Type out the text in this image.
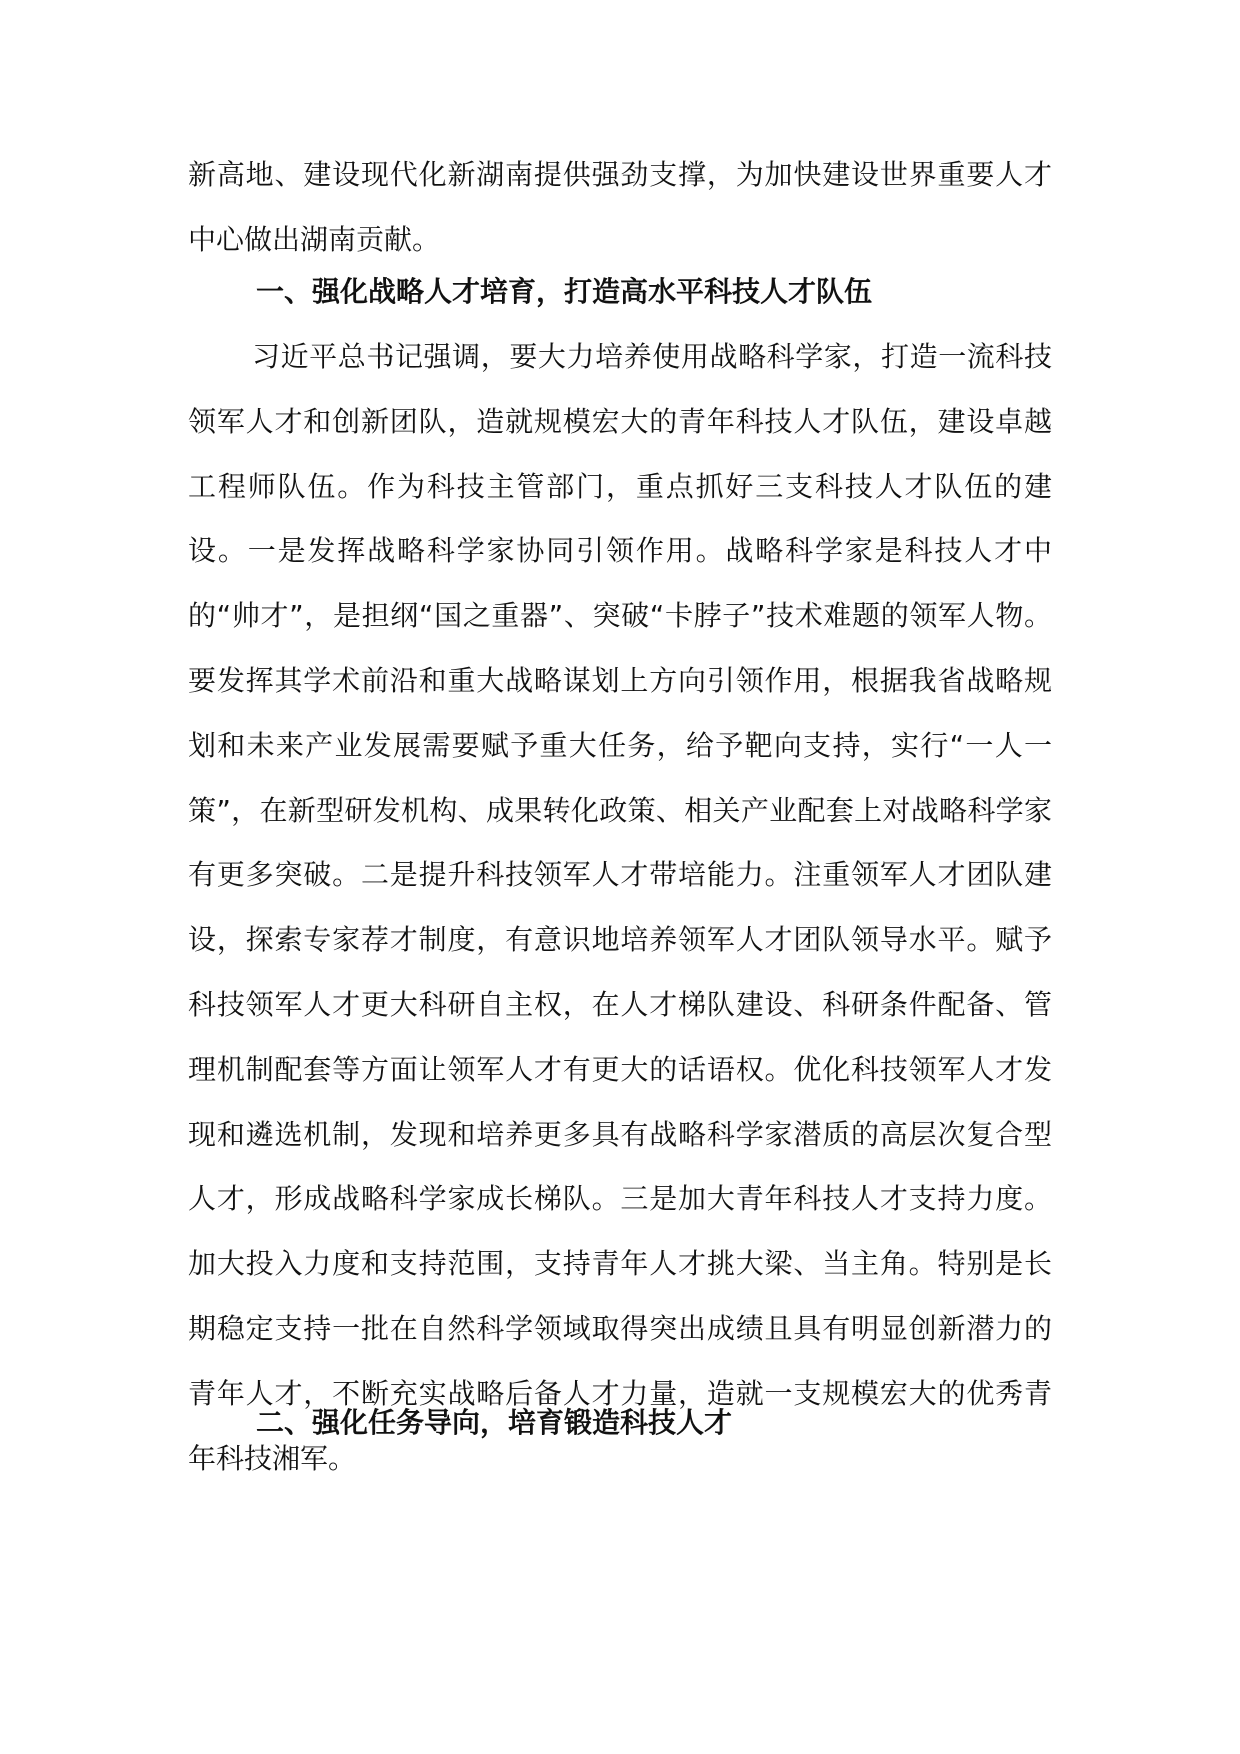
新高地、建设现代化新湖南提供强劲支撑，为加快建设世界重要人才中心做出湖南贡献。

一、强化战略人才培育，打造高水平科技人才队伍

习近平总书记强调，要大力培养使用战略科学家，打造一流科技领军人才和创新团队，造就规模宏大的青年科技人才队伍，建设卓越工程师队伍。作为科技主管部门，重点抓好三支科技人才队伍的建设。一是发挥战略科学家协同引领作用。战略科学家是科技人才中的“帅才”，是担纲“国之重器”、突破“卡脖子”技术难题的领军人物。要发挥其学术前沿和重大战略谋划上方向引领作用，根据我省战略规划和未来产业发展需要赋予重大任务，给予靶向支持，实行“一人一策”，在新型研发机构、成果转化政策、相关产业配套上对战略科学家有更多突破。二是提升科技领军人才带培能力。注重领军人才团队建设，探索专家荐才制度，有意识地培养领军人才团队领导水平。赋予科技领军人才更大科研自主权，在人才梯队建设、科研条件配备、管理机制配套等方面让领军人才有更大的话语权。优化科技领军人才发现和遴选机制，发现和培养更多具有战略科学家潜质的高层次复合型人才，形成战略科学家成长梯队。三是加大青年科技人才支持力度。加大投入力度和支持范围，支持青年人才挑大梁、当主角。特别是长期稳定支持一批在自然科学领域取得突出成绩且具有明显创新潜力的青年人才，不断充实战略后备人才力量，造就一支规模宏大的优秀青年科技湘军。

二、强化任务导向，培育锻造科技人才
